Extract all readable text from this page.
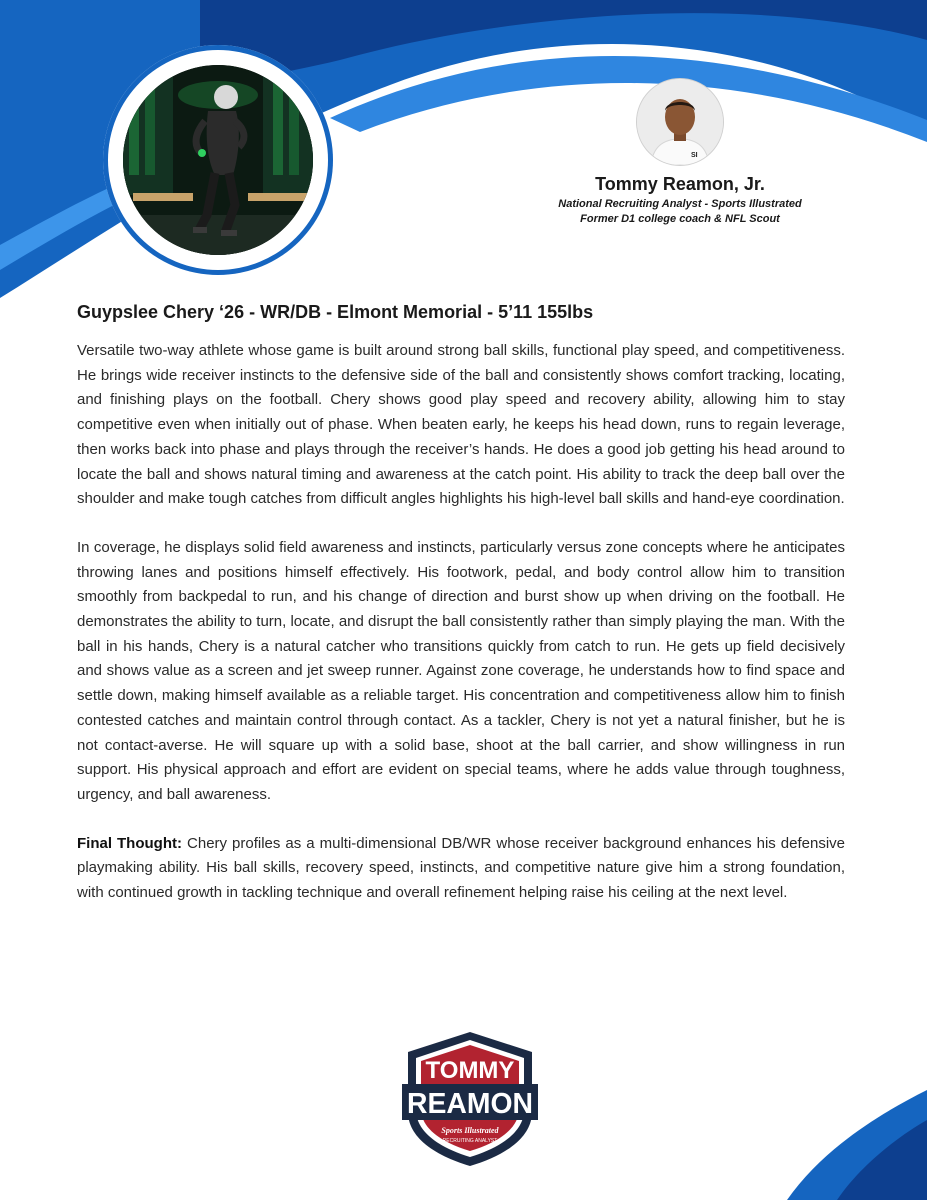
SI
Tommy Reamon, Jr.
National Recruiting Analyst - Sports Illustrated
Former D1 college coach & NFL Scout
Guypslee Chery ‘26 - WR/DB - Elmont Memorial - 5’11 155lbs

Versatile two-way athlete whose game is built around strong ball skills, functional play speed, and competitiveness. He brings wide receiver instincts to the defensive side of the ball and consistently shows comfort tracking, locating, and finishing plays on the football. Chery shows good play speed and recovery ability, allowing him to stay competitive even when initially out of phase. When beaten early, he keeps his head down, runs to regain leverage, then works back into phase and plays through the receiver’s hands. He does a good job getting his head around to locate the ball and shows natural timing and awareness at the catch point. His ability to track the deep ball over the shoulder and make tough catches from difficult angles highlights his high-level ball skills and hand-eye coordination.

In coverage, he displays solid field awareness and instincts, particularly versus zone concepts where he anticipates throwing lanes and positions himself effectively. His footwork, pedal, and body control allow him to transition smoothly from backpedal to run, and his change of direction and burst show up when driving on the football. He demonstrates the ability to turn, locate, and disrupt the ball consistently rather than simply playing the man. With the ball in his hands, Chery is a natural catcher who transitions quickly from catch to run. He gets up field decisively and shows value as a screen and jet sweep runner. Against zone coverage, he understands how to find space and settle down, making himself available as a reliable target. His concentration and competitiveness allow him to finish contested catches and maintain control through contact. As a tackler, Chery is not yet a natural finisher, but he is not contact-averse. He will square up with a solid base, shoot at the ball carrier, and show willingness in run support. His physical approach and effort are evident on special teams, where he adds value through toughness, urgency, and ball awareness.

Final Thought: Chery profiles as a multi-dimensional DB/WR whose receiver background enhances his defensive playmaking ability. His ball skills, recovery speed, instincts, and competitive nature give him a strong foundation, with continued growth in tackling technique and overall refinement helping raise his ceiling at the next level.

TOMMY
REAMON
Sports Illustrated
RECRUITING ANALYST
